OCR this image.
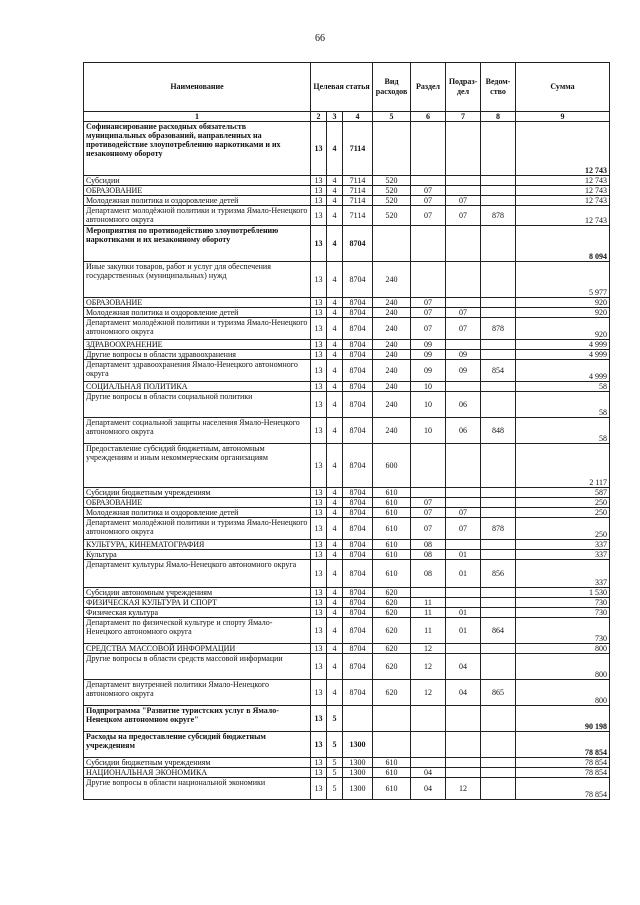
66
Наименование	Целевая статья			Вид расходов	Раздел	Подраз-дел	Ведом-ство	Сумма
1	2	3	4	5	6	7	8	9
Софинансирование расходных обязательств муниципальных образований, направленных на противодействие злоупотреблению наркотиками и их незаконному обороту	13	4	7114					12 743
Субсидии	13	4	7114	520				12 743
ОБРАЗОВАНИЕ	13	4	7114	520	07			12 743
Молодежная политика и оздоровление детей	13	4	7114	520	07	07		12 743
Департамент молодёжной политики и туризма Ямало-Ненецкого автономного округа	13	4	7114	520	07	07	878	12 743
Мероприятия по противодействию злоупотреблению наркотиками и их незаконному обороту	13	4	8704					8 094
Иные закупки товаров, работ и услуг для обеспечения государственных (муниципальных) нужд	13	4	8704	240				5 977
ОБРАЗОВАНИЕ	13	4	8704	240	07			920
Молодежная политика и оздоровление детей	13	4	8704	240	07	07		920
Департамент молодёжной политики и туризма Ямало-Ненецкого автономного округа	13	4	8704	240	07	07	878	920
ЗДРАВООХРАНЕНИЕ	13	4	8704	240	09			4 999
Другие вопросы в области здравоохранения	13	4	8704	240	09	09		4 999
Департамент здравоохранения Ямало-Ненецкого автономного округа	13	4	8704	240	09	09	854	4 999
СОЦИАЛЬНАЯ ПОЛИТИКА	13	4	8704	240	10			58
Другие вопросы в области социальной политики	13	4	8704	240	10	06		58
Департамент социальной защиты населения Ямало-Ненецкого автономного округа	13	4	8704	240	10	06	848	58
Предоставление субсидий бюджетным, автономным учреждениям и иным некоммерческим организациям	13	4	8704	600				2 117
Субсидии бюджетным учреждениям	13	4	8704	610				587
ОБРАЗОВАНИЕ	13	4	8704	610	07			250
Молодежная политика и оздоровление детей	13	4	8704	610	07	07		250
Департамент молодёжной политики и туризма Ямало-Ненецкого автономного округа	13	4	8704	610	07	07	878	250
КУЛЬТУРА, КИНЕМАТОГРАФИЯ	13	4	8704	610	08			337
Культура	13	4	8704	610	08	01		337
Департамент культуры Ямало-Ненецкого автономного округа	13	4	8704	610	08	01	856	337
Субсидии автономным учреждениям	13	4	8704	620				1 530
ФИЗИЧЕСКАЯ КУЛЬТУРА И СПОРТ	13	4	8704	620	11			730
Физическая культура	13	4	8704	620	11	01		730
Департамент по физической культуре и спорту Ямало-Ненецкого автономного округа	13	4	8704	620	11	01	864	730
СРЕДСТВА МАССОВОЙ ИНФОРМАЦИИ	13	4	8704	620	12			800
Другие вопросы в области средств массовой информации	13	4	8704	620	12	04		800
Департамент внутренней политики Ямало-Ненецкого автономного округа	13	4	8704	620	12	04	865	800
Подпрограмма "Развитие туристских услуг в Ямало-Ненецком автономном округе"	13	5						90 198
Расходы на предоставление субсидий бюджетным учреждениям	13	5	1300					78 854
Субсидии бюджетным учреждениям	13	5	1300	610				78 854
НАЦИОНАЛЬНАЯ ЭКОНОМИКА	13	5	1300	610	04			78 854
Другие вопросы в области национальной экономики	13	5	1300	610	04	12		78 854
